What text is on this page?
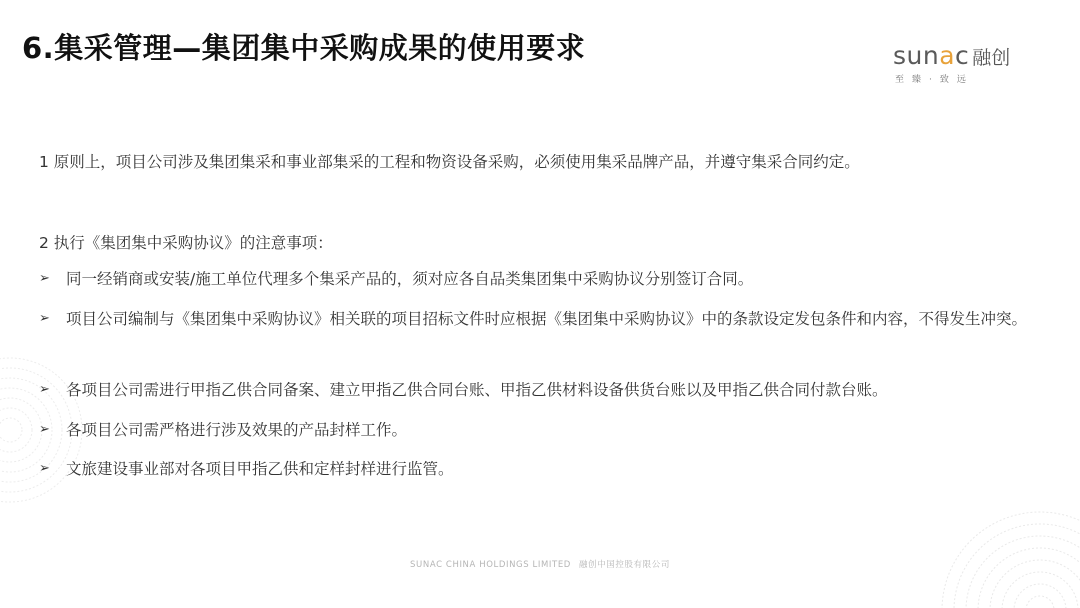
6.集采管理—集团集中采购成果的使用要求	sunac 融创
至臻·致远
1 原则上，项目公司涉及集团集采和事业部集采的工程和物资设备采购，必须使用集采品牌产品，并遵守集采合同约定。
2 执行《集团集中采购协议》的注意事项：
➢ 同一经销商或安装/施工单位代理多个集采产品的，须对应各自品类集团集中采购协议分别签订合同。
➢ 项目公司编制与《集团集中采购协议》相关联的项目招标文件时应根据《集团集中采购协议》中的条款设定发包条件和内容，不得发生冲突。
➢ 各项目公司需进行甲指乙供合同备案、建立甲指乙供合同台账、甲指乙供材料设备供货台账以及甲指乙供合同付款台账。
➢ 各项目公司需严格进行涉及效果的产品封样工作。
➢ 文旅建设事业部对各项目甲指乙供和定样封样进行监管。
SUNAC CHINA HOLDINGS LIMITED 融创中国控股有限公司
